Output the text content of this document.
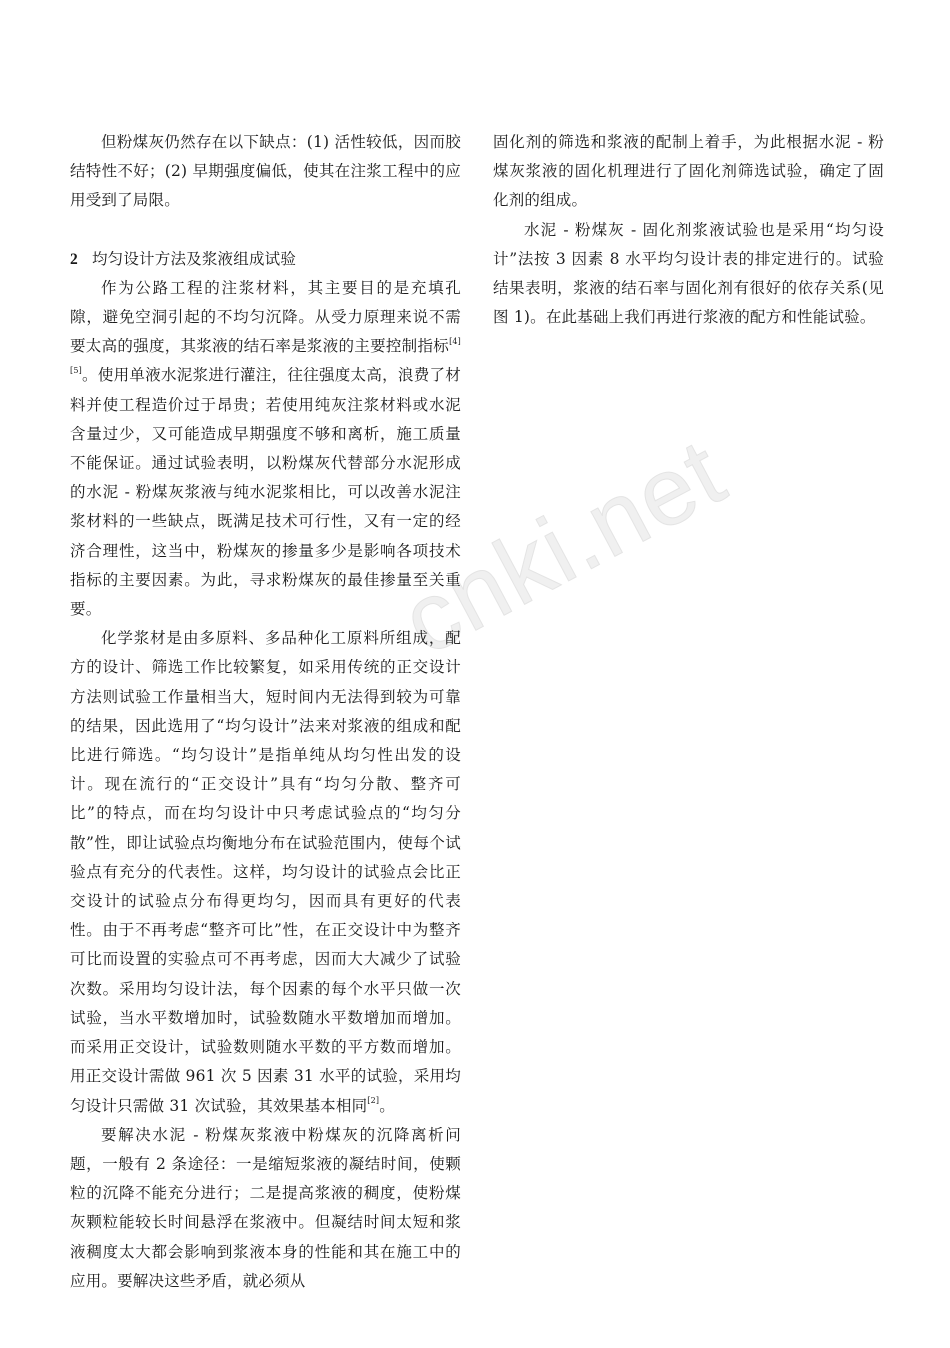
cnki.net

但粉煤灰仍然存在以下缺点：(1) 活性较低，因而胶结特性不好；(2) 早期强度偏低，使其在注浆工程中的应用受到了局限。

2 均匀设计方法及浆液组成试验

作为公路工程的注浆材料，其主要目的是充填孔隙，避免空洞引起的不均匀沉降。从受力原理来说不需要太高的强度，其浆液的结石率是浆液的主要控制指标[4][5]。使用单液水泥浆进行灌注，往往强度太高，浪费了材料并使工程造价过于昂贵；若使用纯灰注浆材料或水泥含量过少，又可能造成早期强度不够和离析，施工质量不能保证。通过试验表明，以粉煤灰代替部分水泥形成的水泥 - 粉煤灰浆液与纯水泥浆相比，可以改善水泥注浆材料的一些缺点，既满足技术可行性，又有一定的经济合理性，这当中，粉煤灰的掺量多少是影响各项技术指标的主要因素。为此，寻求粉煤灰的最佳掺量至关重要。

化学浆材是由多原料、多品种化工原料所组成，配方的设计、筛选工作比较繁复，如采用传统的正交设计方法则试验工作量相当大，短时间内无法得到较为可靠的结果，因此选用了“均匀设计”法来对浆液的组成和配比进行筛选。“均匀设计”是指单纯从均匀性出发的设计。现在流行的“正交设计”具有“均匀分散、整齐可比”的特点，而在均匀设计中只考虑试验点的“均匀分散”性，即让试验点均衡地分布在试验范围内，使每个试验点有充分的代表性。这样，均匀设计的试验点会比正交设计的试验点分布得更均匀，因而具有更好的代表性。由于不再考虑“整齐可比”性，在正交设计中为整齐可比而设置的实验点可不再考虑，因而大大减少了试验次数。采用均匀设计法，每个因素的每个水平只做一次试验，当水平数增加时，试验数随水平数增加而增加。而采用正交设计，试验数则随水平数的平方数而增加。用正交设计需做 961 次 5 因素 31 水平的试验，采用均匀设计只需做 31 次试验，其效果基本相同[2]。

要解决水泥 - 粉煤灰浆液中粉煤灰的沉降离析问题，一般有 2 条途径：一是缩短浆液的凝结时间，使颗粒的沉降不能充分进行；二是提高浆液的稠度，使粉煤灰颗粒能较长时间悬浮在浆液中。但凝结时间太短和浆液稠度太大都会影响到浆液本身的性能和其在施工中的应用。要解决这些矛盾，就必须从

固化剂的筛选和浆液的配制上着手，为此根据水泥 - 粉煤灰浆液的固化机理进行了固化剂筛选试验，确定了固化剂的组成。

水泥 - 粉煤灰 - 固化剂浆液试验也是采用“均匀设计”法按 3 因素 8 水平均匀设计表的排定进行的。试验结果表明，浆液的结石率与固化剂有很好的依存关系(见图 1)。在此基础上我们再进行浆液的配方和性能试验。
